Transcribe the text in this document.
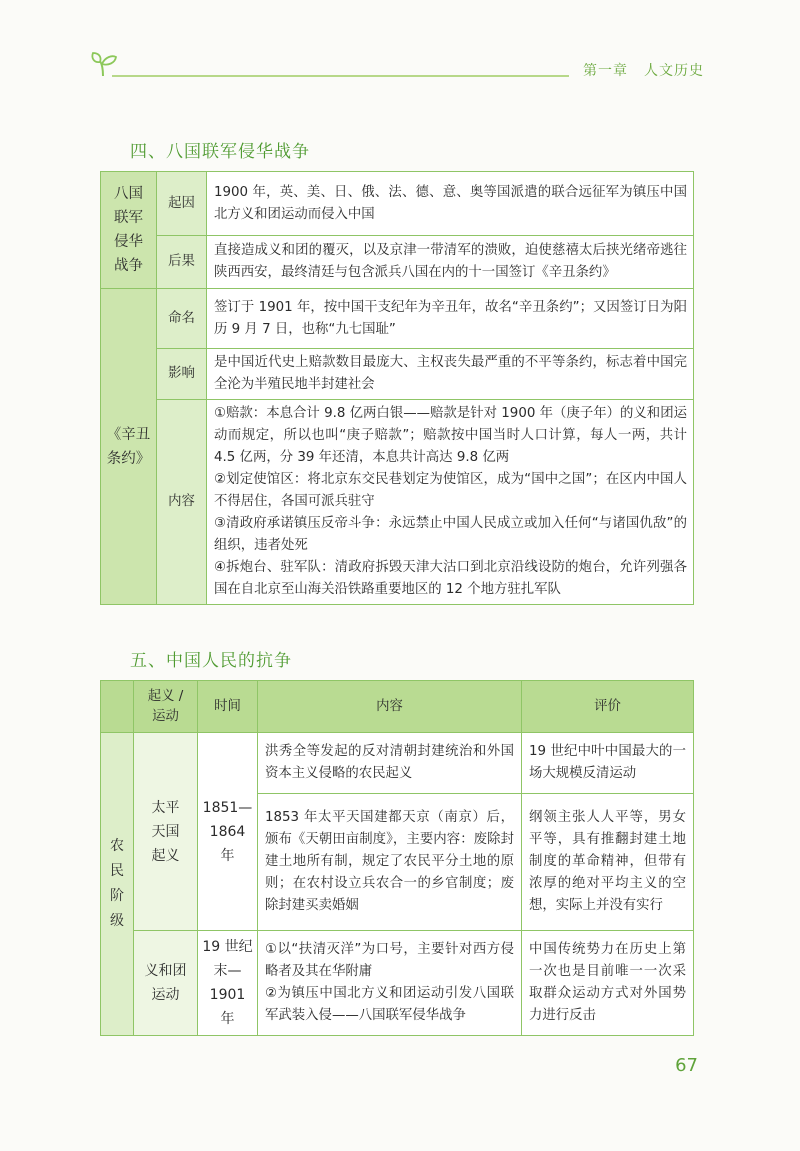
第一章 人文历史
四、八国联军侵华战争
八国联军侵华战争	起因	1900 年，英、美、日、俄、法、德、意、奥等国派遣的联合远征军为镇压中国北方义和团运动而侵入中国
	后果	直接造成义和团的覆灭，以及京津一带清军的溃败，迫使慈禧太后挟光绪帝逃往陕西西安，最终清廷与包含派兵八国在内的十一国签订《辛丑条约》

《辛丑条约》	命名	签订于 1901 年，按中国干支纪年为辛丑年，故名“辛丑条约”；又因签订日为阳历 9 月 7 日，也称“九七国耻”
	影响	是中国近代史上赔款数目最庞大、主权丧失最严重的不平等条约，标志着中国完全沦为半殖民地半封建社会
	内容	①赔款：本息合计 9.8 亿两白银——赔款是针对 1900 年（庚子年）的义和团运动而规定，所以也叫“庚子赔款”；赔款按中国当时人口计算，每人一两，共计 4.5 亿两，分 39 年还清，本息共计高达 9.8 亿两
②划定使馆区：将北京东交民巷划定为使馆区，成为“国中之国”；在区内中国人不得居住，各国可派兵驻守
③清政府承诺镇压反帝斗争：永远禁止中国人民成立或加入任何“与诸国仇敌”的组织，违者处死
④拆炮台、驻军队：清政府拆毁天津大沽口到北京沿线设防的炮台，允许列强各国在自北京至山海关沿铁路重要地区的 12 个地方驻扎军队
五、中国人民的抗争

	起义 / 运动	时间	内容	评价

农
民
阶
级	太平天国起义	1851—1864 年	洪秀全等发起的反对清朝封建统治和外国资本主义侵略的农民起义	19 世纪中叶中国最大的一场大规模反清运动
			1853 年太平天国建都天京（南京）后，颁布《天朝田亩制度》，主要内容：废除封建土地所有制，规定了农民平分土地的原则；在农村设立兵农合一的乡官制度；废除封建买卖婚姻	纲领主张人人平等，男女平等，具有推翻封建土地制度的革命精神，但带有浓厚的绝对平均主义的空想，实际上并没有实行

	义和团运动	19 世纪末—1901 年	①以“扶清灭洋”为口号，主要针对西方侵略者及其在华附庸
②为镇压中国北方义和团运动引发八国联军武装入侵——八国联军侵华战争	中国传统势力在历史上第一次也是目前唯一一次采取群众运动方式对外国势力进行反击
67
